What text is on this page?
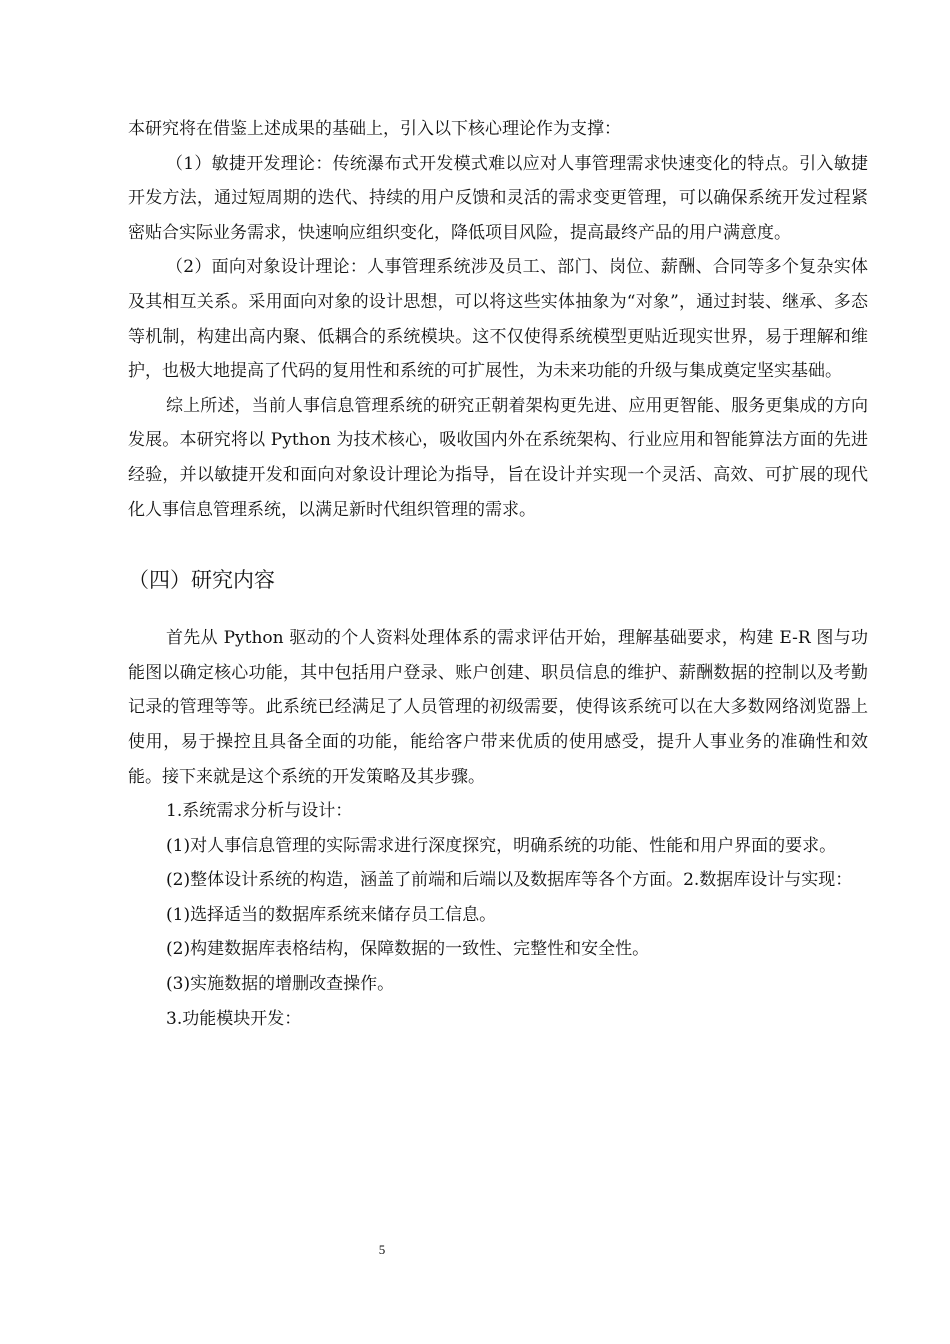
本研究将在借鉴上述成果的基础上，引入以下核心理论作为支撑：

（1）敏捷开发理论：传统瀑布式开发模式难以应对人事管理需求快速变化的特点。引入敏捷开发方法，通过短周期的迭代、持续的用户反馈和灵活的需求变更管理，可以确保系统开发过程紧密贴合实际业务需求，快速响应组织变化，降低项目风险，提高最终产品的用户满意度。

（2）面向对象设计理论：人事管理系统涉及员工、部门、岗位、薪酬、合同等多个复杂实体及其相互关系。采用面向对象的设计思想，可以将这些实体抽象为“对象”，通过封装、继承、多态等机制，构建出高内聚、低耦合的系统模块。这不仅使得系统模型更贴近现实世界，易于理解和维护，也极大地提高了代码的复用性和系统的可扩展性，为未来功能的升级与集成奠定坚实基础。

综上所述，当前人事信息管理系统的研究正朝着架构更先进、应用更智能、服务更集成的方向发展。本研究将以 Python 为技术核心，吸收国内外在系统架构、行业应用和智能算法方面的先进经验，并以敏捷开发和面向对象设计理论为指导，旨在设计并实现一个灵活、高效、可扩展的现代化人事信息管理系统，以满足新时代组织管理的需求。

（四）研究内容

首先从 Python 驱动的个人资料处理体系的需求评估开始，理解基础要求，构建 E-R 图与功能图以确定核心功能，其中包括用户登录、账户创建、职员信息的维护、薪酬数据的控制以及考勤记录的管理等等。此系统已经满足了人员管理的初级需要，使得该系统可以在大多数网络浏览器上使用，易于操控且具备全面的功能，能给客户带来优质的使用感受，提升人事业务的准确性和效能。接下来就是这个系统的开发策略及其步骤。

1.系统需求分析与设计：

(1)对人事信息管理的实际需求进行深度探究，明确系统的功能、性能和用户界面的要求。

(2)整体设计系统的构造，涵盖了前端和后端以及数据库等各个方面。2.数据库设计与实现：

(1)选择适当的数据库系统来储存员工信息。

(2)构建数据库表格结构，保障数据的一致性、完整性和安全性。

(3)实施数据的增删改查操作。

3.功能模块开发：

5
